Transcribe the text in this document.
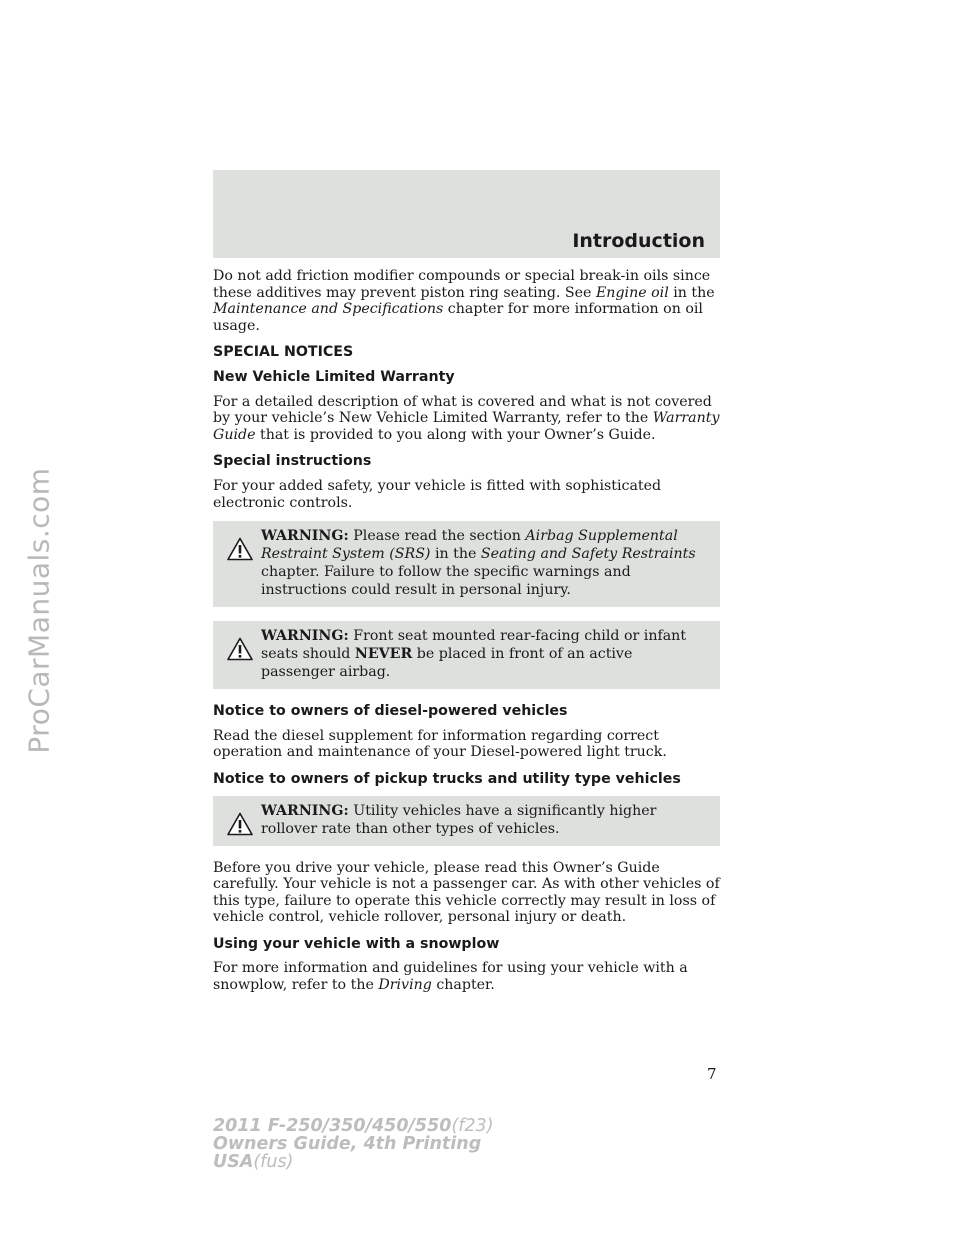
ProCarManuals.com
Introduction

Do not add friction modifier compounds or special break-in oils since these additives may prevent piston ring seating. See Engine oil in the Maintenance and Specifications chapter for more information on oil usage.

SPECIAL NOTICES
New Vehicle Limited Warranty

For a detailed description of what is covered and what is not covered by your vehicle’s New Vehicle Limited Warranty, refer to the Warranty Guide that is provided to you along with your Owner’s Guide.

Special instructions

For your added safety, your vehicle is fitted with sophisticated electronic controls.

WARNING: Please read the section Airbag Supplemental Restraint System (SRS) in the Seating and Safety Restraints chapter. Failure to follow the specific warnings and instructions could result in personal injury.
WARNING: Front seat mounted rear-facing child or infant seats should NEVER be placed in front of an active passenger airbag.
Notice to owners of diesel-powered vehicles

Read the diesel supplement for information regarding correct operation and maintenance of your Diesel-powered light truck.

Notice to owners of pickup trucks and utility type vehicles
WARNING: Utility vehicles have a significantly higher rollover rate than other types of vehicles.

Before you drive your vehicle, please read this Owner’s Guide carefully. Your vehicle is not a passenger car. As with other vehicles of this type, failure to operate this vehicle correctly may result in loss of vehicle control, vehicle rollover, personal injury or death.

Using your vehicle with a snowplow

For more information and guidelines for using your vehicle with a snowplow, refer to the Driving chapter.

7
2011 F-250/350/450/550(f23)
Owners Guide, 4th Printing
USA(fus)
